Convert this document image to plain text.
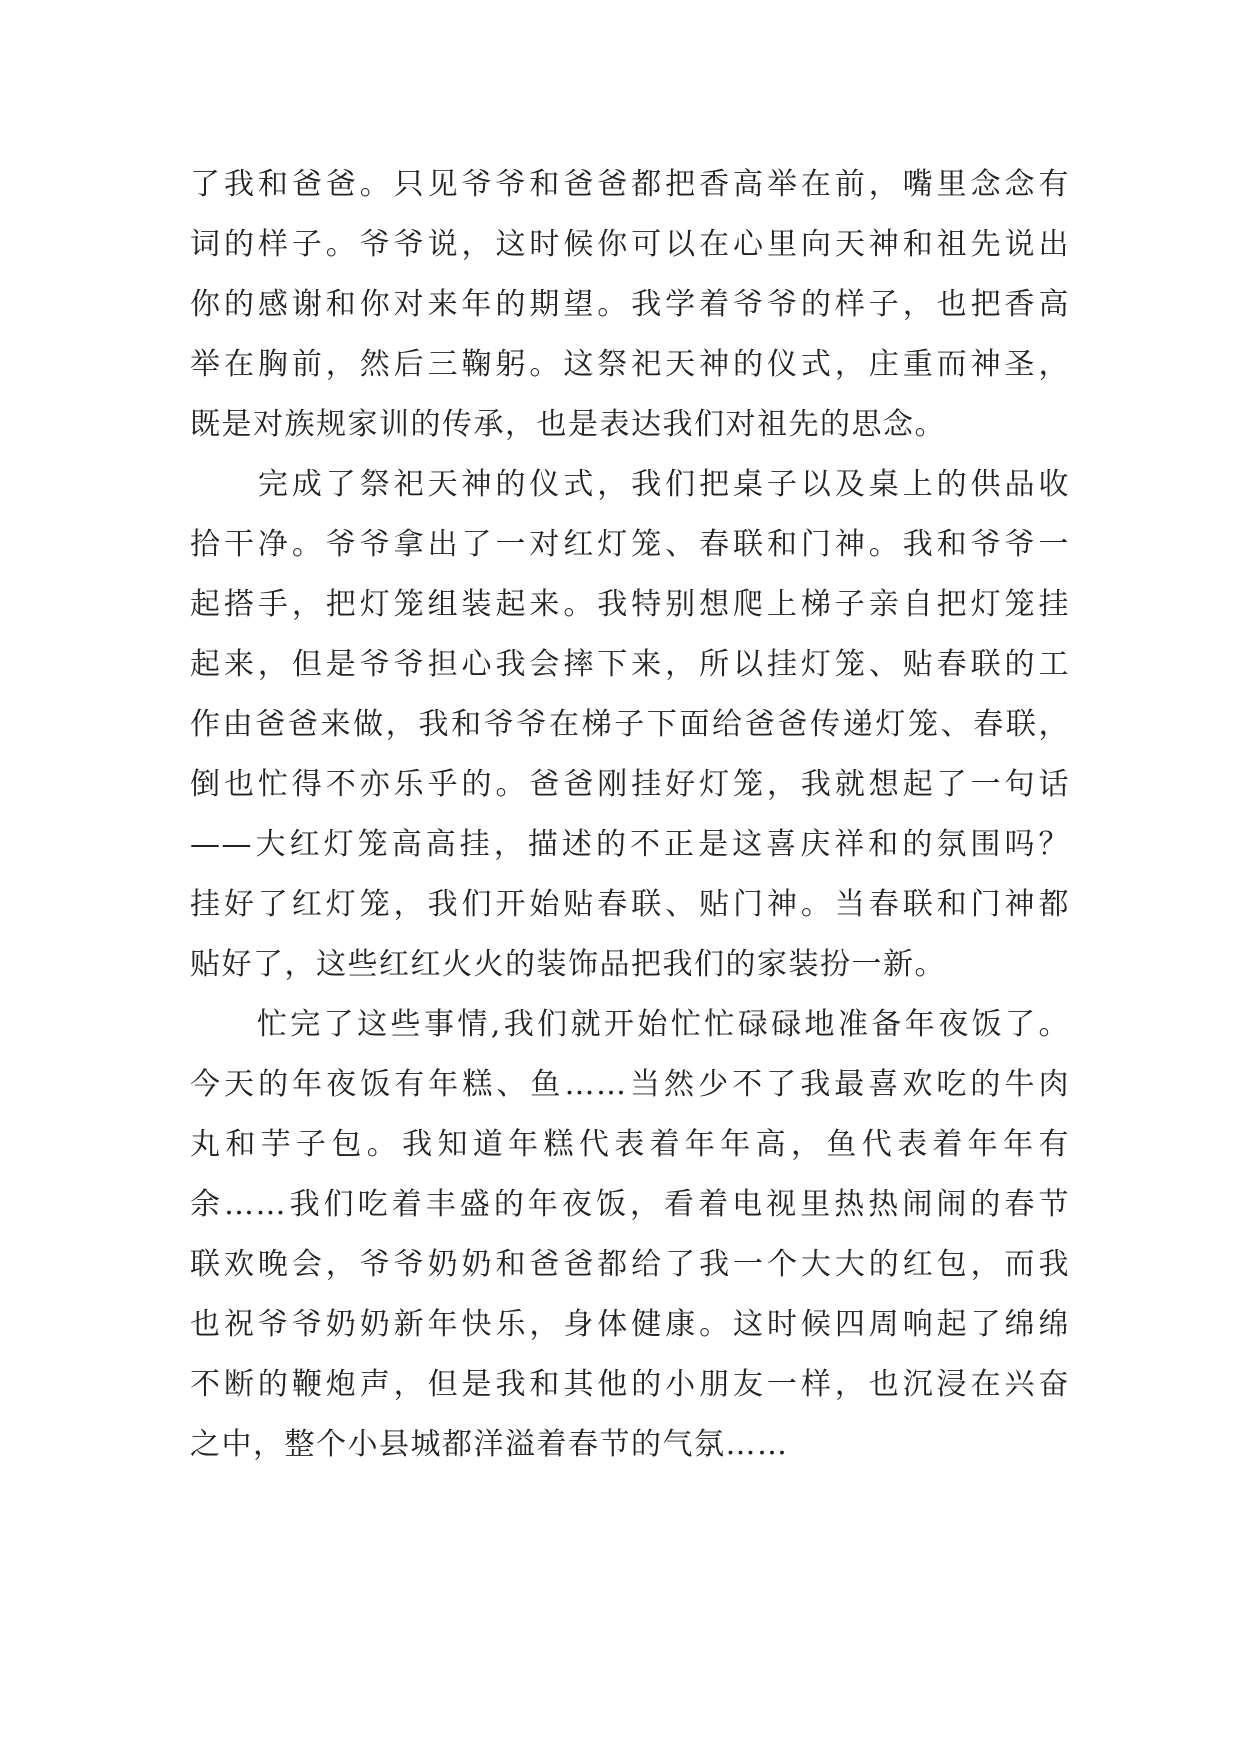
了我和爸爸。只见爷爷和爸爸都把香高举在前，嘴里念念有
词的样子。爷爷说，这时候你可以在心里向天神和祖先说出
你的感谢和你对来年的期望。我学着爷爷的样子，也把香高
举在胸前，然后三鞠躬。这祭祀天神的仪式，庄重而神圣，
既是对族规家训的传承，也是表达我们对祖先的思念。
　　完成了祭祀天神的仪式，我们把桌子以及桌上的供品收
拾干净。爷爷拿出了一对红灯笼、春联和门神。我和爷爷一
起搭手，把灯笼组装起来。我特别想爬上梯子亲自把灯笼挂
起来，但是爷爷担心我会摔下来，所以挂灯笼、贴春联的工
作由爸爸来做，我和爷爷在梯子下面给爸爸传递灯笼、春联，
倒也忙得不亦乐乎的。爸爸刚挂好灯笼，我就想起了一句话
——大红灯笼高高挂，描述的不正是这喜庆祥和的氛围吗？
挂好了红灯笼，我们开始贴春联、贴门神。当春联和门神都
贴好了，这些红红火火的装饰品把我们的家装扮一新。
　　忙完了这些事情,我们就开始忙忙碌碌地准备年夜饭了。
今天的年夜饭有年糕、鱼……当然少不了我最喜欢吃的牛肉
丸和芋子包。我知道年糕代表着年年高，鱼代表着年年有
余……我们吃着丰盛的年夜饭，看着电视里热热闹闹的春节
联欢晚会，爷爷奶奶和爸爸都给了我一个大大的红包，而我
也祝爷爷奶奶新年快乐，身体健康。这时候四周响起了绵绵
不断的鞭炮声，但是我和其他的小朋友一样，也沉浸在兴奋
之中，整个小县城都洋溢着春节的气氛……
